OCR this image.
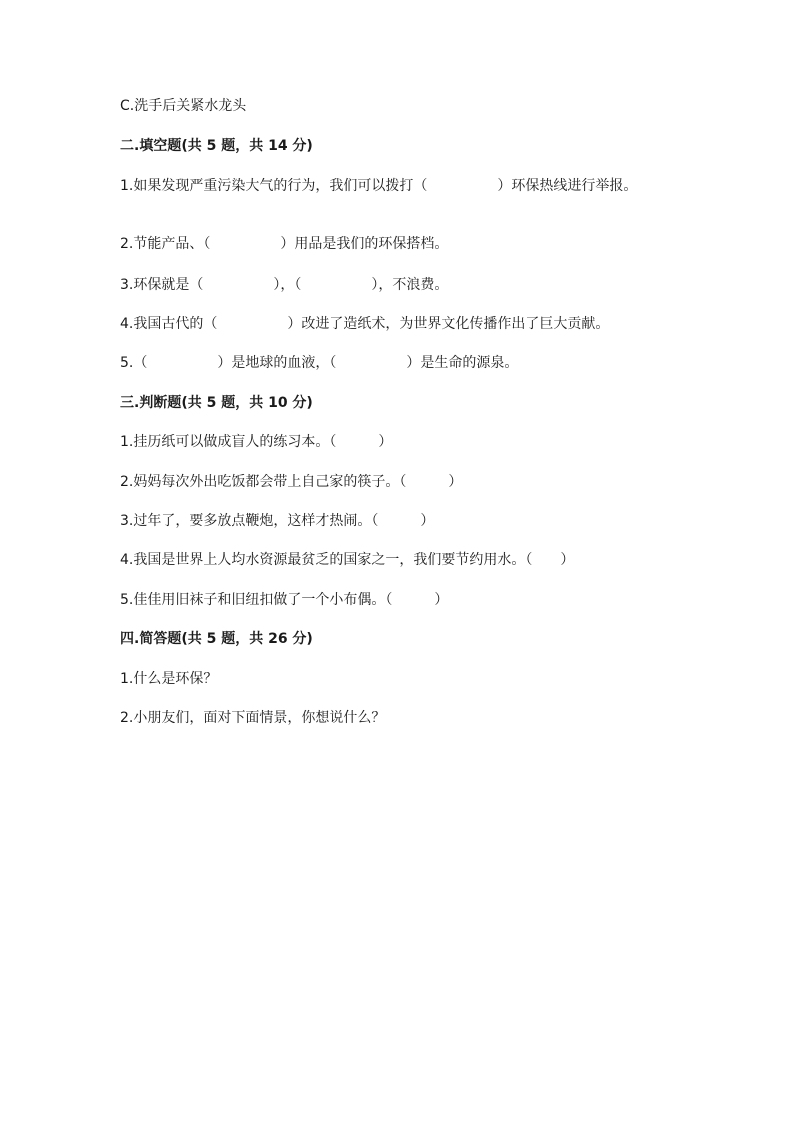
C.洗手后关紧水龙头
二.填空题(共 5 题，共 14 分)
1.如果发现严重污染大气的行为，我们可以拨打（　　　　　）环保热线进行举报。
2.节能产品、（　　　　　）用品是我们的环保搭档。
3.环保就是（　　　　　），（　　　　　），不浪费。
4.我国古代的（　　　　　）改进了造纸术，为世界文化传播作出了巨大贡献。
5.（　　　　　）是地球的血液，（　　　　　）是生命的源泉。
三.判断题(共 5 题，共 10 分)
1.挂历纸可以做成盲人的练习本。（　　　）
2.妈妈每次外出吃饭都会带上自己家的筷子。（　　　）
3.过年了，要多放点鞭炮，这样才热闹。（　　　）
4.我国是世界上人均水资源最贫乏的国家之一，我们要节约用水。（　　）
5.佳佳用旧袜子和旧纽扣做了一个小布偶。（　　　）
四.简答题(共 5 题，共 26 分)
1.什么是环保？
2.小朋友们，面对下面情景，你想说什么？
